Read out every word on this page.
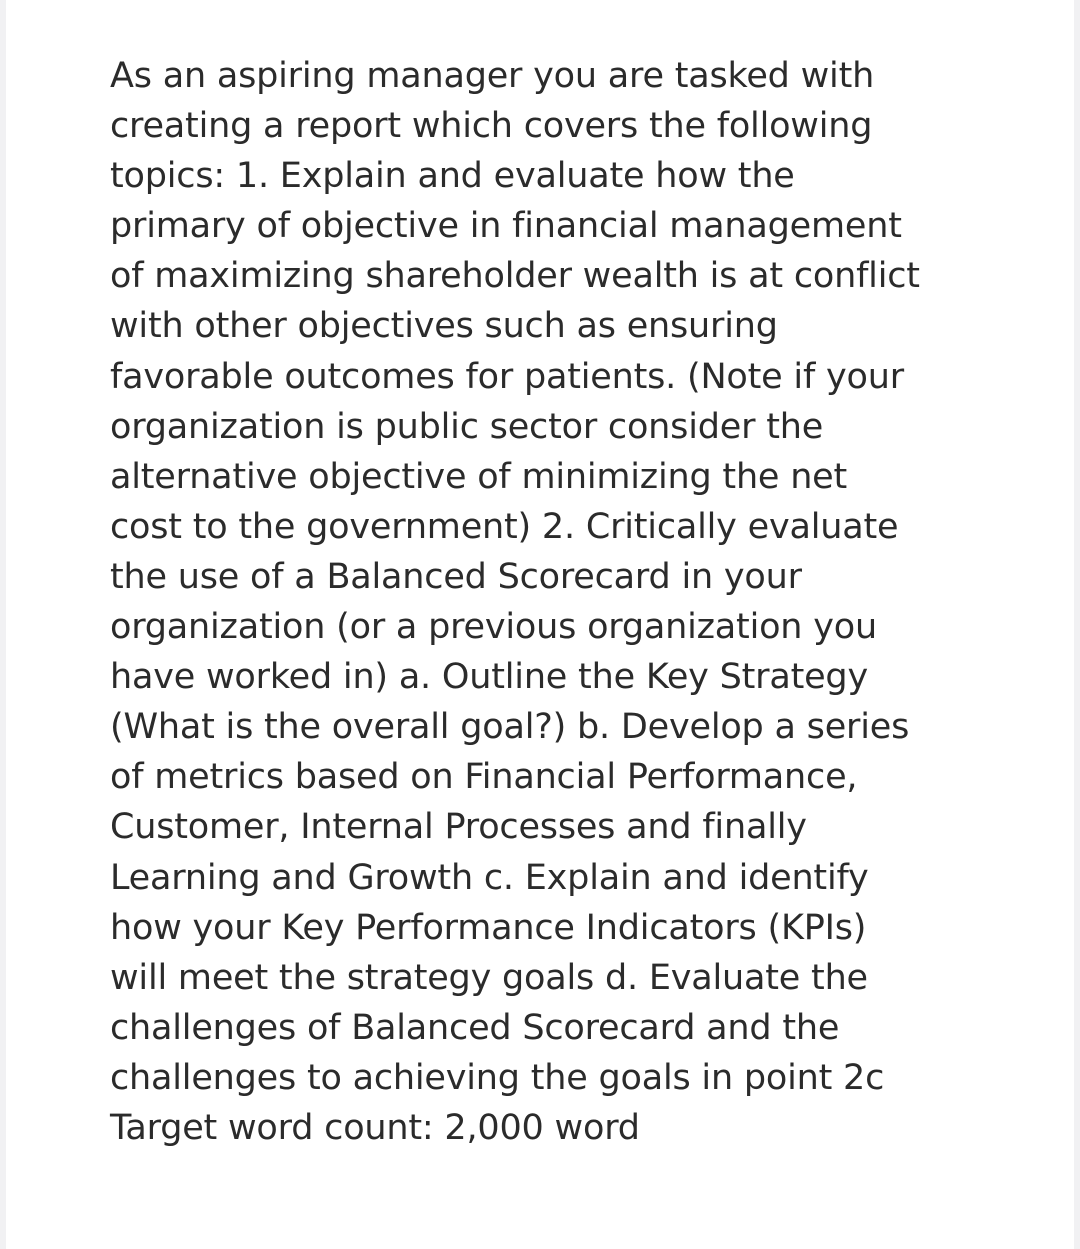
As an aspiring manager you are tasked with
creating a report which covers the following
topics: 1. Explain and evaluate how the
primary of objective in financial management
of maximizing shareholder wealth is at conflict
with other objectives such as ensuring
favorable outcomes for patients. (Note if your
organization is public sector consider the
alternative objective of minimizing the net
cost to the government) 2. Critically evaluate
the use of a Balanced Scorecard in your
organization (or a previous organization you
have worked in) a. Outline the Key Strategy
(What is the overall goal?) b. Develop a series
of metrics based on Financial Performance,
Customer, Internal Processes and finally
Learning and Growth c. Explain and identify
how your Key Performance Indicators (KPIs)
will meet the strategy goals d. Evaluate the
challenges of Balanced Scorecard and the
challenges to achieving the goals in point 2c
Target word count: 2,000 word
